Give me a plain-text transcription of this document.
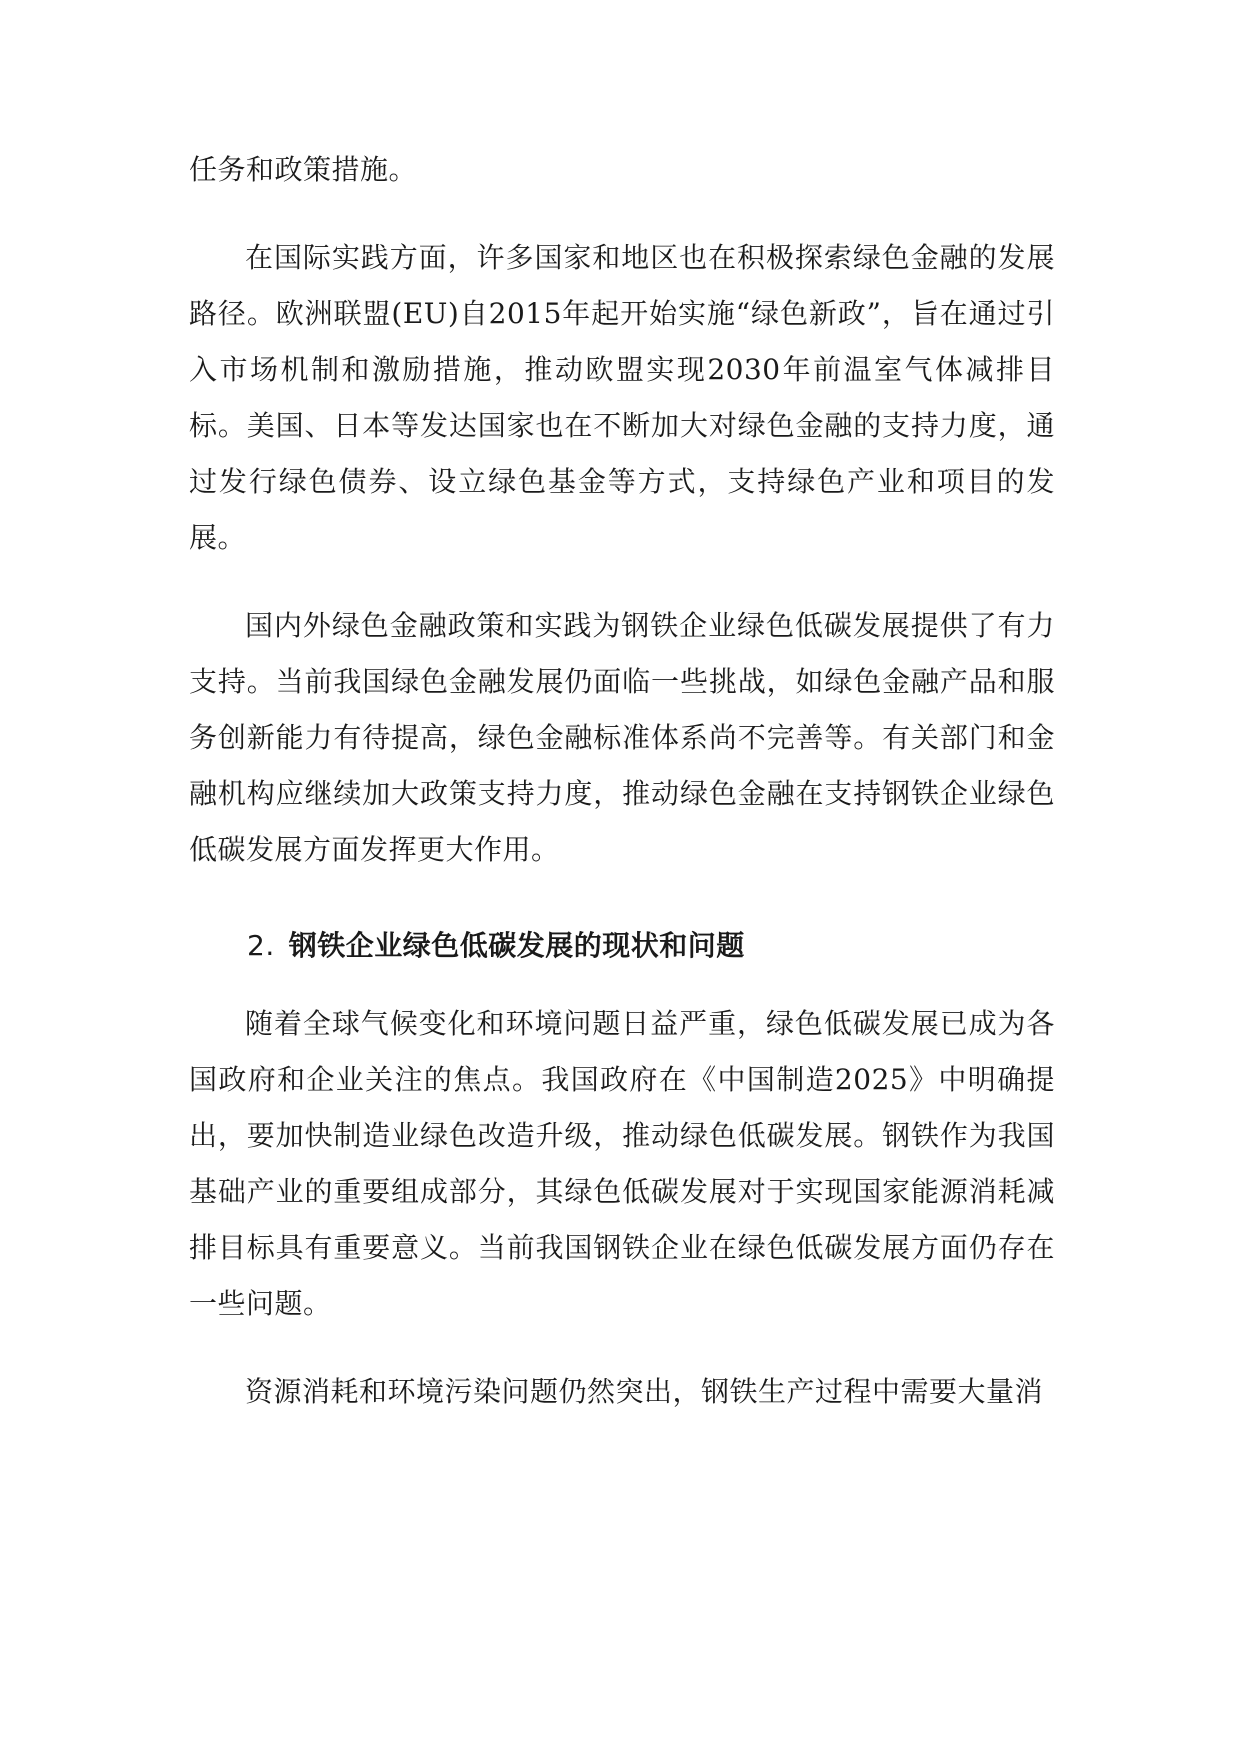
任务和政策措施。

在国际实践方面，许多国家和地区也在积极探索绿色金融的发展路径。欧洲联盟(EU)自2015年起开始实施“绿色新政”，旨在通过引入市场机制和激励措施，推动欧盟实现2030年前温室气体减排目标。美国、日本等发达国家也在不断加大对绿色金融的支持力度，通过发行绿色债券、设立绿色基金等方式，支持绿色产业和项目的发展。

国内外绿色金融政策和实践为钢铁企业绿色低碳发展提供了有力支持。当前我国绿色金融发展仍面临一些挑战，如绿色金融产品和服务创新能力有待提高，绿色金融标准体系尚不完善等。有关部门和金融机构应继续加大政策支持力度，推动绿色金融在支持钢铁企业绿色低碳发展方面发挥更大作用。

2. 钢铁企业绿色低碳发展的现状和问题

随着全球气候变化和环境问题日益严重，绿色低碳发展已成为各国政府和企业关注的焦点。我国政府在《中国制造2025》中明确提出，要加快制造业绿色改造升级，推动绿色低碳发展。钢铁作为我国基础产业的重要组成部分，其绿色低碳发展对于实现国家能源消耗减排目标具有重要意义。当前我国钢铁企业在绿色低碳发展方面仍存在一些问题。

资源消耗和环境污染问题仍然突出，钢铁生产过程中需要大量消
